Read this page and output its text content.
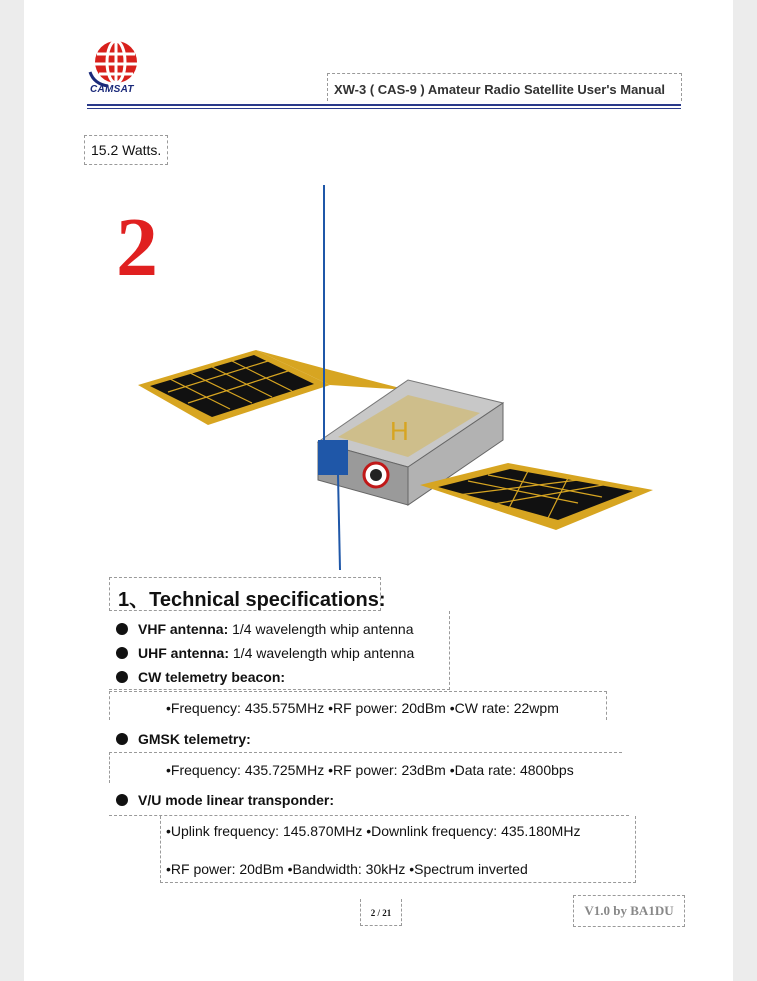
CAMSAT	XW-3 ( CAS-9 ) Amateur Radio Satellite User's Manual
15.2 Watts.
2
H
1、Technical specifications:
VHF antenna: 1/4 wavelength whip antenna
UHF antenna: 1/4 wavelength whip antenna
CW telemetry beacon:
•Frequency: 435.575MHz •RF power: 20dBm •CW rate: 22wpm
GMSK telemetry:
•Frequency: 435.725MHz •RF power: 23dBm •Data rate: 4800bps
V/U mode linear transponder:
•Uplink frequency: 145.870MHz •Downlink frequency: 435.180MHz
•RF power: 20dBm •Bandwidth: 30kHz •Spectrum inverted
2 / 21	V1.0 by BA1DU
